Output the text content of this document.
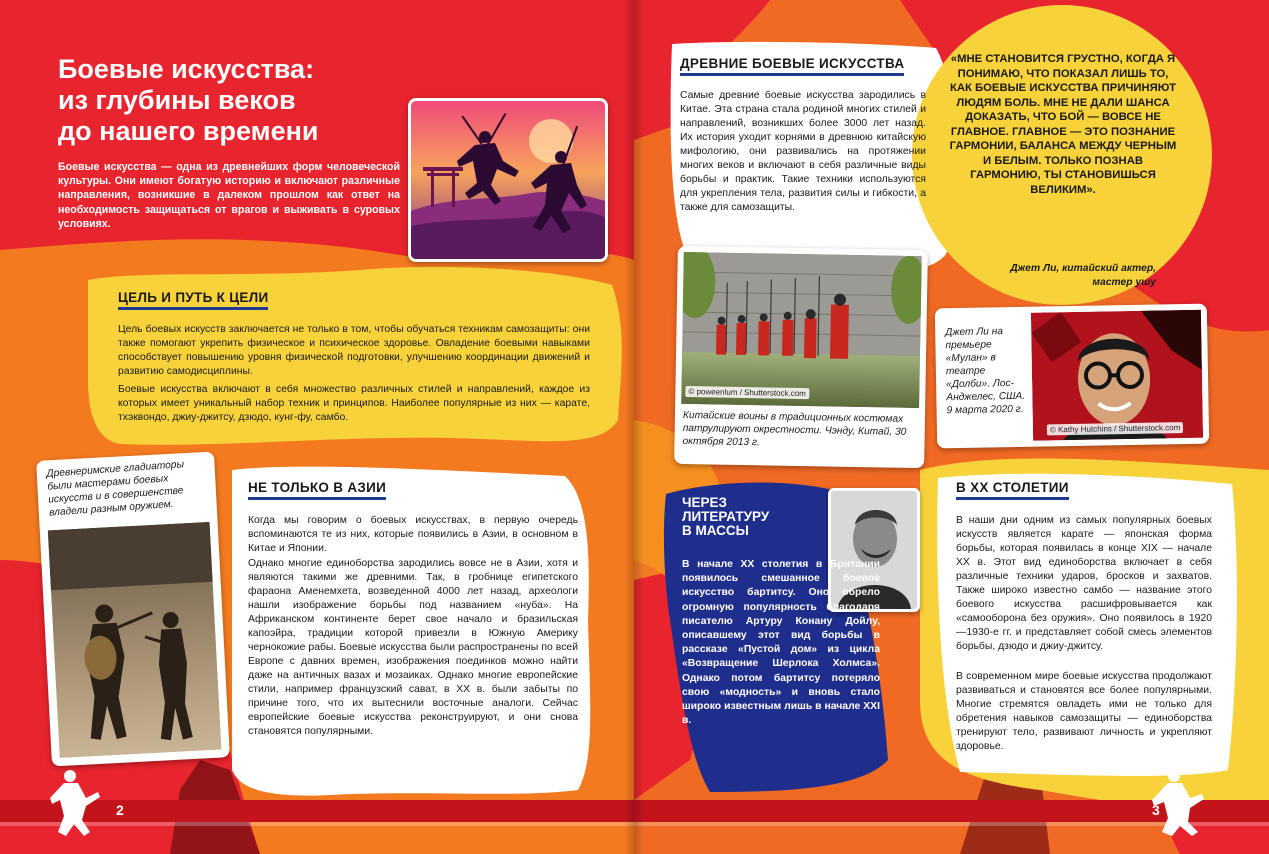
Боевые искусства:
из глубины веков
до нашего времени
Боевые искусства — одна из древнейших форм человеческой культуры. Они имеют богатую историю и включают различные направления, возникшие в далеком прошлом как ответ на необходимость защищаться от врагов и выживать в суровых условиях.
ЦЕЛЬ И ПУТЬ К ЦЕЛИ
Цель боевых искусств заключается не только в том, чтобы обучаться техникам самозащиты: они также помогают укрепить физическое и психическое здоровье. Овладение боевыми навыками способствует повышению уровня физической подготовки, улучшению координации движений и развитию самодисциплины.
Боевые искусства включают в себя множество различных стилей и направлений, каждое из которых имеет уникальный набор техник и принципов. Наиболее популярные из них — карате, тхэквондо, джиу-джитсу, дзюдо, кунг-фу, самбо.
Древнеримские гладиаторы были мастерами боевых искусств и в совершенстве владели разным оружием.
НЕ ТОЛЬКО В АЗИИ
Когда мы говорим о боевых искусствах, в первую очередь вспоминаются те из них, которые появились в Азии, в основном в Китае и Японии.
Однако многие единоборства зародились вовсе не в Азии, хотя и являются такими же древними. Так, в гробнице египетского фараона Аменемхета, возведенной 4000 лет назад, археологи нашли изображение борьбы под названием «нуба». На Африканском континенте берет свое начало и бразильская капоэйра, традиции которой привезли в Южную Америку чернокожие рабы. Боевые искусства были распространены по всей Европе с давних времен, изображения поединков можно найти даже на античных вазах и мозаиках. Однако многие европейские стили, например французский сават, в XX в. были забыты по причине того, что их вытеснили восточные аналоги. Сейчас европейские боевые искусства реконструируют, и они снова становятся популярными.
2
ДРЕВНИЕ БОЕВЫЕ ИСКУССТВА
Самые древние боевые искусства зародились в Китае. Эта страна стала родиной многих стилей и направлений, возникших более 3000 лет назад. Их история уходит корнями в древнюю китайскую мифологию, они развивались на протяжении многих веков и включают в себя различные виды борьбы и практик. Такие техники используются для укрепления тела, развития силы и гибкости, а также для самозащиты.
© poweenlum / Shutterstock.com
Китайские воины в традиционных костюмах патрулируют окрестности. Чэнду, Китай, 30 октября 2013 г.
«МНЕ СТАНОВИТСЯ ГРУСТНО, КОГДА Я ПОНИМАЮ, ЧТО ПОКАЗАЛ ЛИШЬ ТО, КАК БОЕВЫЕ ИСКУССТВА ПРИЧИНЯЮТ ЛЮДЯМ БОЛЬ. МНЕ НЕ ДАЛИ ШАНСА ДОКАЗАТЬ, ЧТО БОЙ — ВОВСЕ НЕ ГЛАВНОЕ. ГЛАВНОЕ — ЭТО ПОЗНАНИЕ ГАРМОНИИ, БАЛАНСА МЕЖДУ ЧЕРНЫМ И БЕЛЫМ. ТОЛЬКО ПОЗНАВ ГАРМОНИЮ, ТЫ СТАНОВИШЬСЯ ВЕЛИКИМ».
Джет Ли, китайский актер, мастер ушу
Джет Ли на премьере «Мулан» в театре «Долби». Лос-Анджелес, США. 9 марта 2020 г.
© Kathy Hutchins / Shutterstock.com
ЧЕРЕЗ
ЛИТЕРАТУРУ
В МАССЫ
В начале XX столетия в Британии появилось смешанное боевое искусство бартитсу. Оно обрело огромную популярность благодаря писателю Артуру Конану Дойлу, описавшему этот вид борьбы в рассказе «Пустой дом» из цикла «Возвращение Шерлока Холмса». Однако потом бартитсу потеряло свою «модность» и вновь стало широко известным лишь в начале XXI в.
В XX СТОЛЕТИИ
В наши дни одним из самых популярных боевых искусств является карате — японская форма борьбы, которая появилась в конце XIX — начале XX в. Этот вид единоборства включает в себя различные техники ударов, бросков и захватов. Также широко известно самбо — название этого боевого искусства расшифровывается как «самооборона без оружия». Оно появилось в 1920—1930-е гг. и представляет собой смесь элементов борьбы, дзюдо и джиу-джитсу.
В современном мире боевые искусства продолжают развиваться и становятся все более популярными. Многие стремятся овладеть ими не только для обретения навыков самозащиты — единоборства тренируют тело, развивают личность и укрепляют здоровье.
3
